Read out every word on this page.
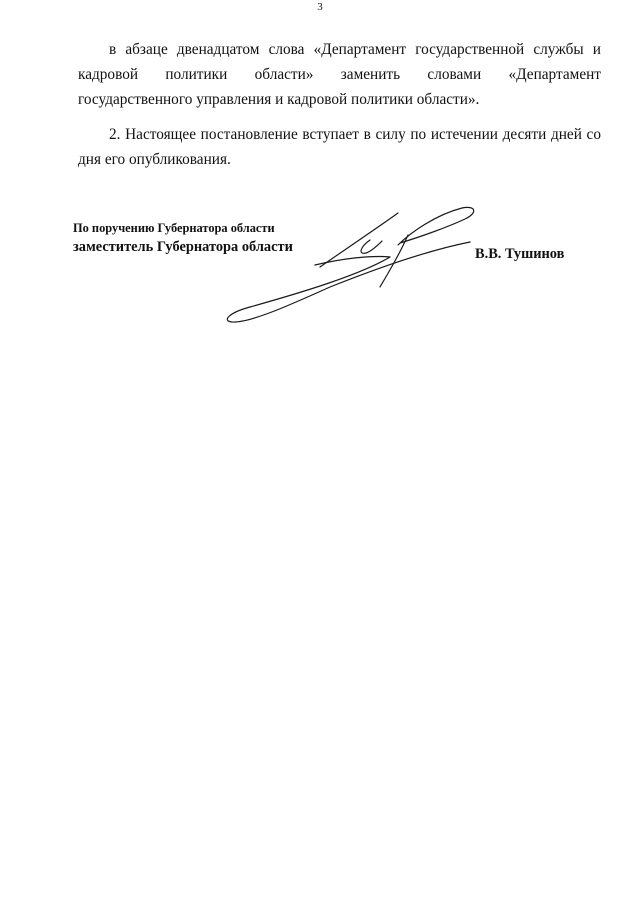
3

в абзаце двенадцатом слова «Департамент государственной службы и кадровой политики области» заменить словами «Департамент государственного управления и кадровой политики области».

2. Настоящее постановление вступает в силу по истечении десяти дней со дня его опубликования.

По поручению Губернатора области
заместитель Губернатора области	В.В. Тушинов
